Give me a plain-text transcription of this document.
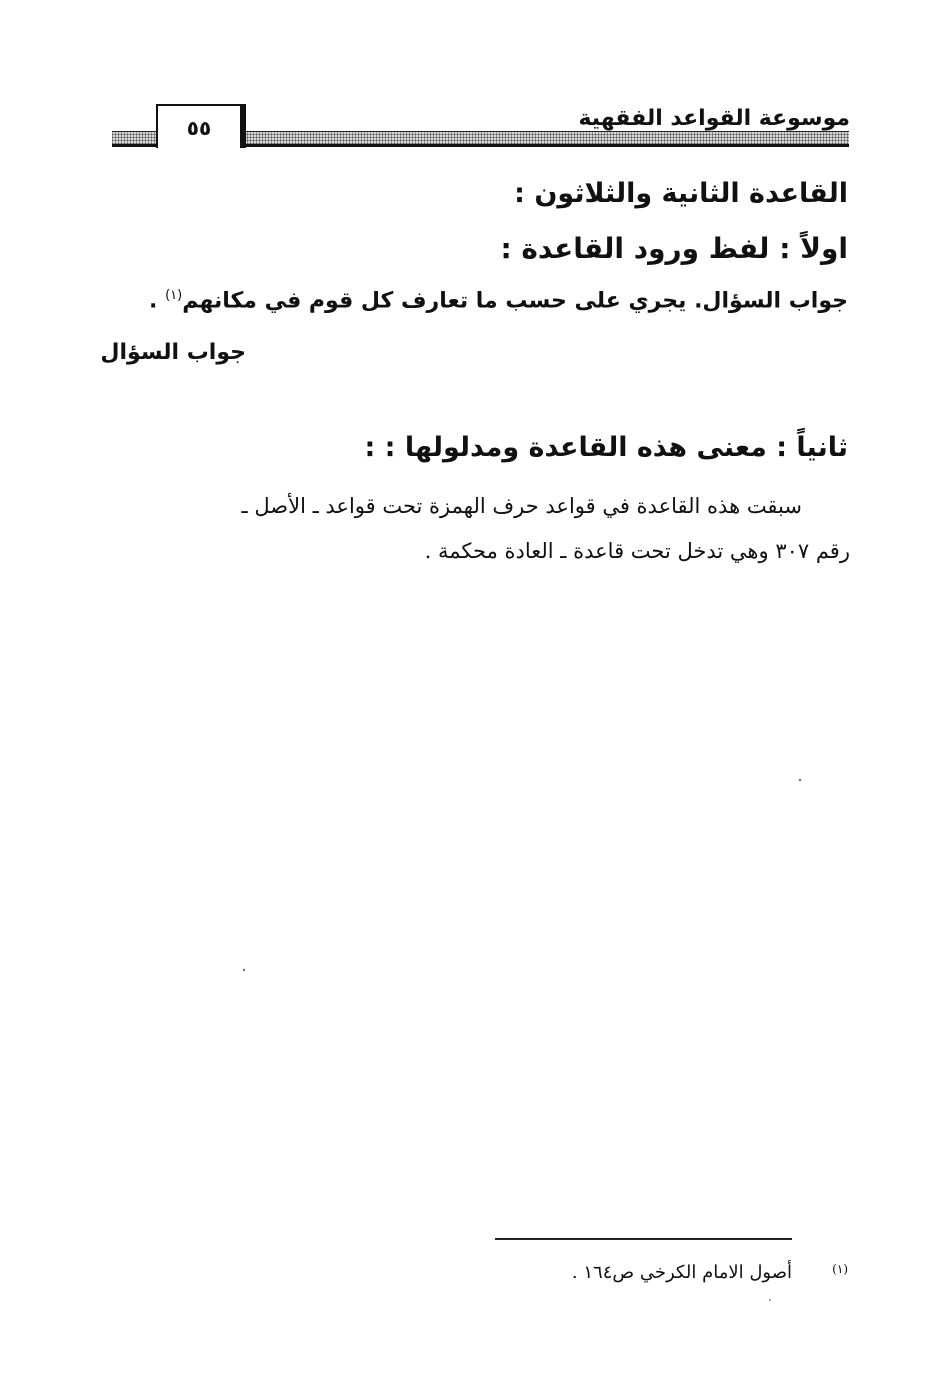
٥٥	موسوعة القواعد الفقهية
القاعدة الثانية والثلاثون :
اولاً : لفظ ورود القاعدة :
جواب السؤال. يجري على حسب ما تعارف كل قوم في مكانهم$^{(١)}$ .
جواب السؤال
ثانياً : معنى هذه القاعدة ومدلولها : :
سبقت هذه القاعدة في قواعد حرف الهمزة تحت قواعد ـ الأصل ـ
رقم ٣٠٧ وهي تدخل تحت قاعدة ـ العادة محكمة .
(١)
أصول الامام الكرخي ص١٦٤ .
